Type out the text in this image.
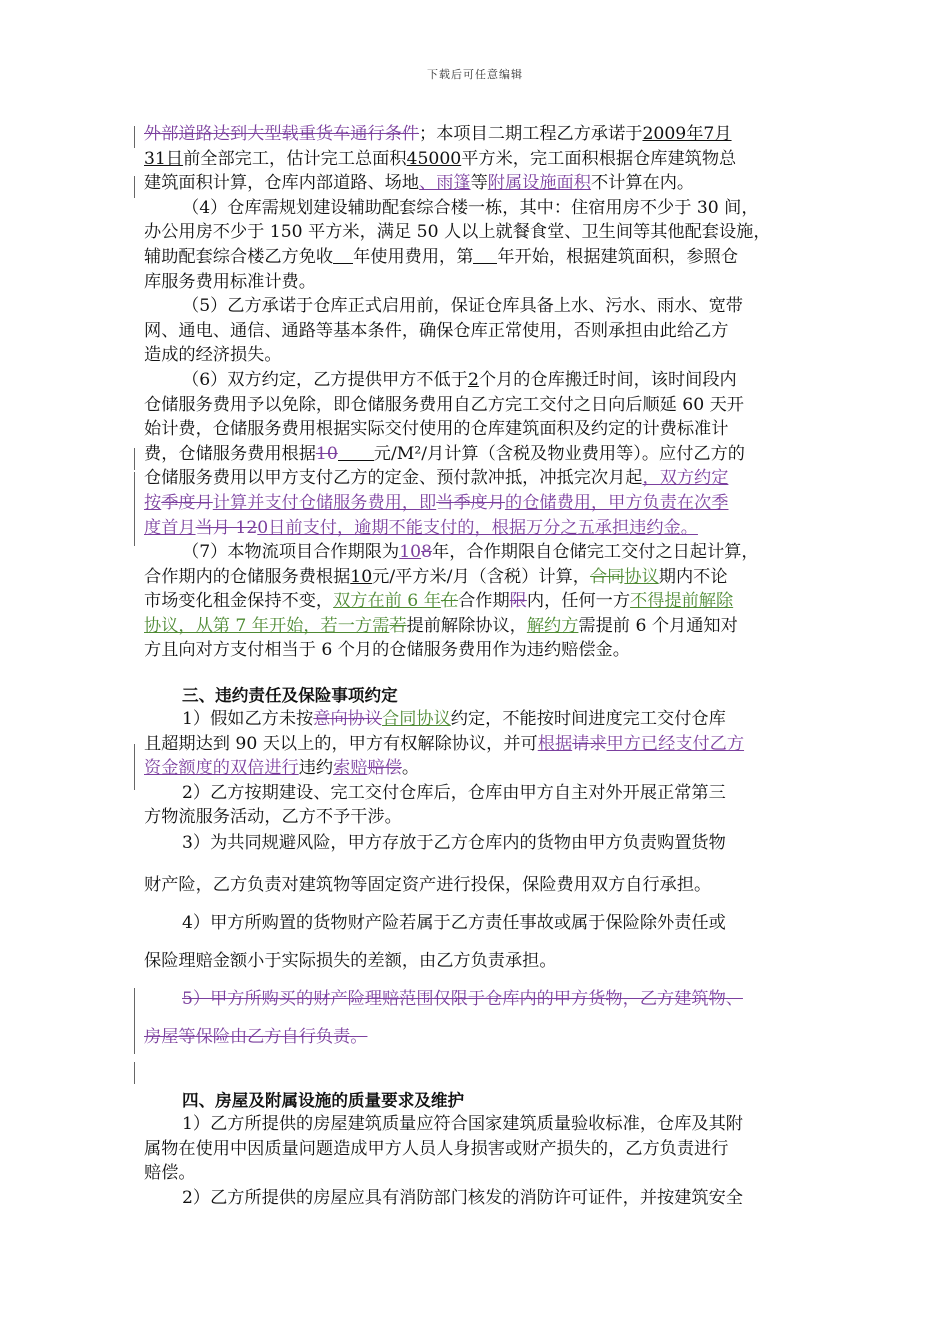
下载后可任意编辑
外部道路达到大型载重货车通行条件；本项目二期工程乙方承诺于2009年7月
31日前全部完工，估计完工总面积45000平方米，完工面积根据仓库建筑物总
建筑面积计算，仓库内部道路、场地、雨篷等附属设施面积不计算在内。
（4）仓库需规划建设辅助配套综合楼一栋，其中：住宿用房不少于 30 间，
办公用房不少于 150 平方米，满足 50 人以上就餐食堂、卫生间等其他配套设施，
辅助配套综合楼乙方免收 年使用费用，第 年开始，根据建筑面积，参照仓
库服务费用标准计费。
（5）乙方承诺于仓库正式启用前，保证仓库具备上水、污水、雨水、宽带
网、通电、通信、通路等基本条件，确保仓库正常使用，否则承担由此给乙方
造成的经济损失。
（6）双方约定，乙方提供甲方不低于2个月的仓库搬迁时间，该时间段内
仓储服务费用予以免除，即仓储服务费用自乙方完工交付之日向后顺延 60 天开
始计费，仓储服务费用根据实际交付使用的仓库建筑面积及约定的计费标准计
费，仓储服务费用根据10 元/M²/月计算（含税及物业费用等）。应付乙方的
仓储服务费用以甲方支付乙方的定金、预付款冲抵，冲抵完次月起，双方约定
按季度月计算并支付仓储服务费用，即当季度月的仓储费用，甲方负责在次季
度首月当月 120日前支付，逾期不能支付的，根据万分之五承担违约金。
（7）本物流项目合作期限为108年，合作期限自仓储完工交付之日起计算，
合作期内的仓储服务费根据10元/平方米/月（含税）计算，合同协议期内不论
市场变化租金保持不变，双方在前 6 年在合作期限内，任何一方不得提前解除
协议，从第 7 年开始，若一方需若提前解除协议，解约方需提前 6 个月通知对
方且向对方支付相当于 6 个月的仓储服务费用作为违约赔偿金。
三、违约责任及保险事项约定
1）假如乙方未按意向协议合同协议约定，不能按时间进度完工交付仓库
且超期达到 90 天以上的，甲方有权解除协议，并可根据请求甲方已经支付乙方
资金额度的双倍进行违约索赔赔偿。
2）乙方按期建设、完工交付仓库后，仓库由甲方自主对外开展正常第三
方物流服务活动，乙方不予干涉。
3）为共同规避风险，甲方存放于乙方仓库内的货物由甲方负责购置货物
财产险，乙方负责对建筑物等固定资产进行投保，保险费用双方自行承担。
4）甲方所购置的货物财产险若属于乙方责任事故或属于保险除外责任或
保险理赔金额小于实际损失的差额，由乙方负责承担。
5）甲方所购买的财产险理赔范围仅限于仓库内的甲方货物，乙方建筑物、
房屋等保险由乙方自行负责。
四、房屋及附属设施的质量要求及维护
1）乙方所提供的房屋建筑质量应符合国家建筑质量验收标准，仓库及其附
属物在使用中因质量问题造成甲方人员人身损害或财产损失的，乙方负责进行
赔偿。
2）乙方所提供的房屋应具有消防部门核发的消防许可证件，并按建筑安全
